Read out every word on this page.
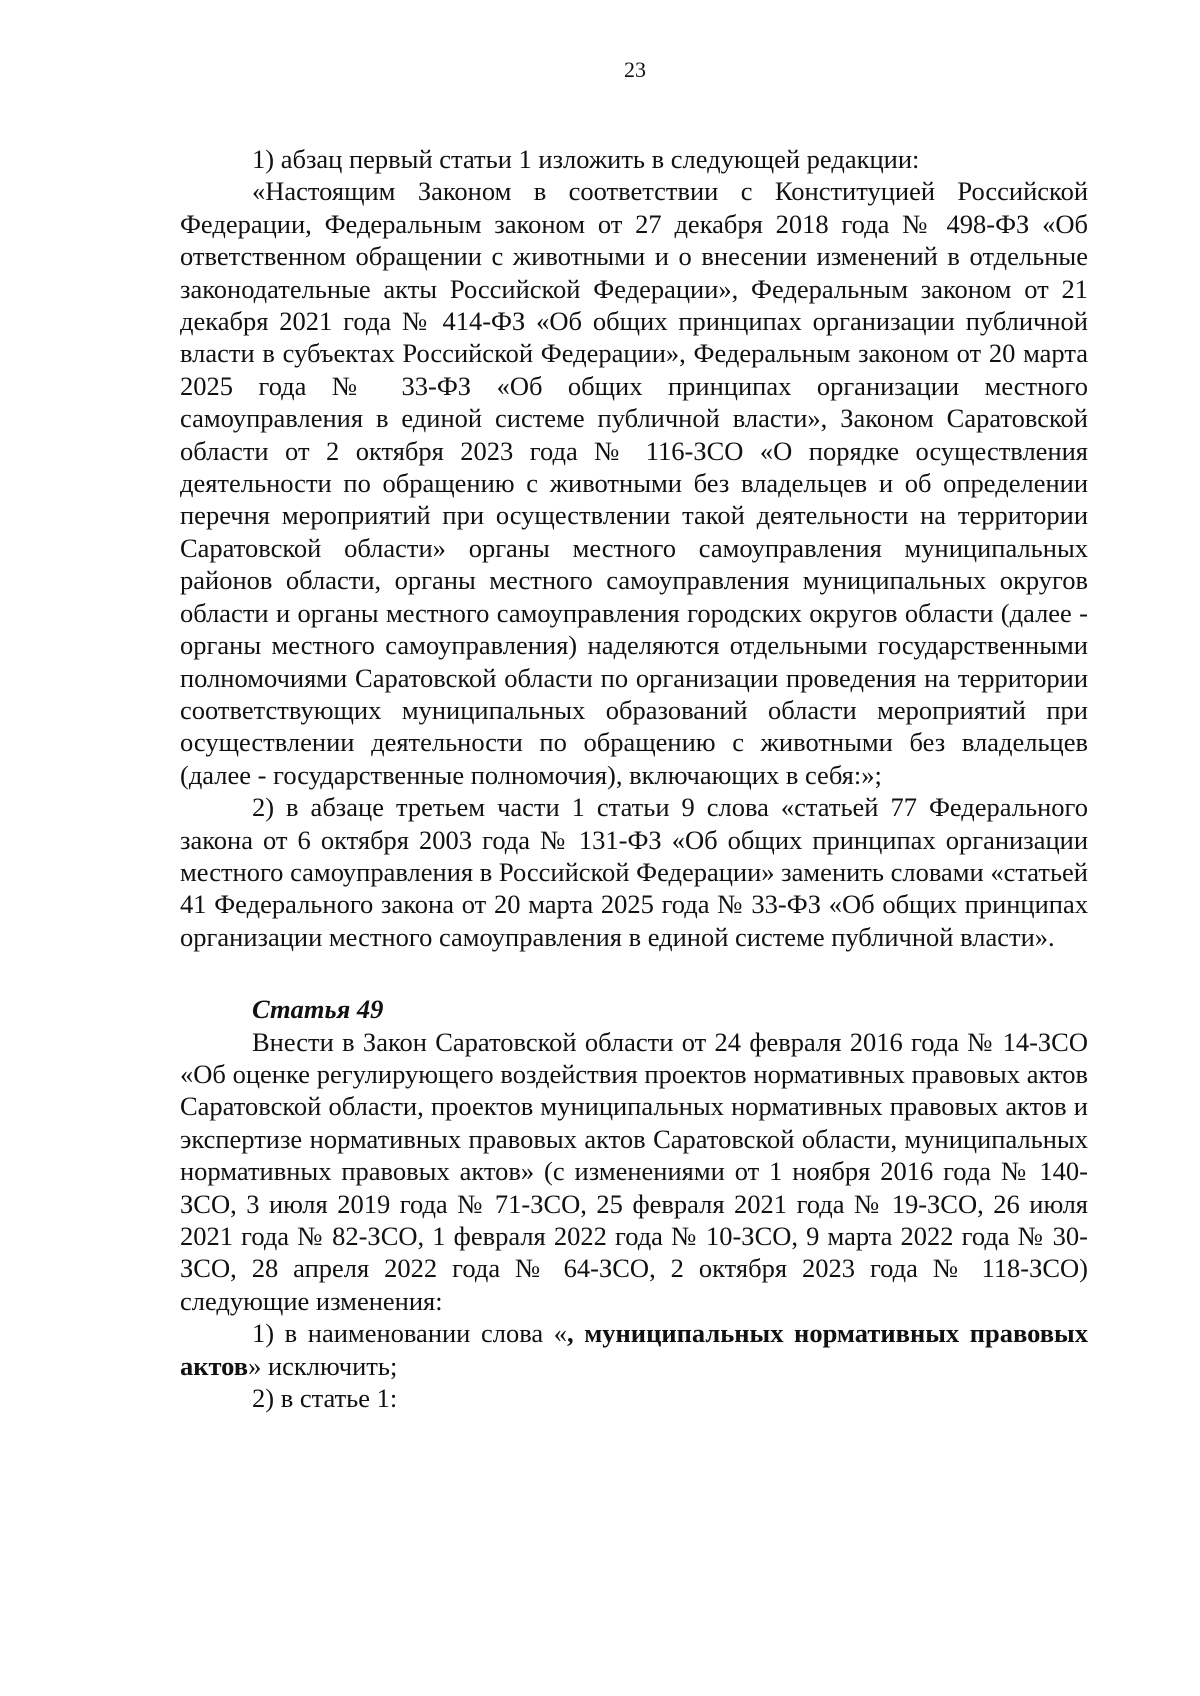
23

1) абзац первый статьи 1 изложить в следующей редакции:

«Настоящим Законом в соответствии с Конституцией Российской Федерации, Федеральным законом от 27 декабря 2018 года № 498-ФЗ «Об ответственном обращении с животными и о внесении изменений в отдельные законодательные акты Российской Федерации», Федеральным законом от 21 декабря 2021 года № 414-ФЗ «Об общих принципах организации публичной власти в субъектах Российской Федерации», Федеральным законом от 20 марта 2025 года № 33-ФЗ «Об общих принципах организации местного самоуправления в единой системе публичной власти», Законом Саратовской области от 2 октября 2023 года № 116-ЗСО «О порядке осуществления деятельности по обращению с животными без владельцев и об определении перечня мероприятий при осуществлении такой деятельности на территории Саратовской области» органы местного самоуправления муниципальных районов области, органы местного самоуправления муниципальных округов области и органы местного самоуправления городских округов области (далее - органы местного самоуправления) наделяются отдельными государственными полномочиями Саратовской области по организации проведения на территории соответствующих муниципальных образований области мероприятий при осуществлении деятельности по обращению с животными без владельцев (далее - государственные полномочия), включающих в себя:»;

2) в абзаце третьем части 1 статьи 9 слова «статьей 77 Федерального закона от 6 октября 2003 года № 131-ФЗ «Об общих принципах организации местного самоуправления в Российской Федерации» заменить словами «статьей 41 Федерального закона от 20 марта 2025 года № 33-ФЗ «Об общих принципах организации местного самоуправления в единой системе публичной власти».

Статья 49

Внести в Закон Саратовской области от 24 февраля 2016 года № 14-ЗСО «Об оценке регулирующего воздействия проектов нормативных правовых актов Саратовской области, проектов муниципальных нормативных правовых актов и экспертизе нормативных правовых актов Саратовской области, муниципальных нормативных правовых актов» (с изменениями от 1 ноября 2016 года № 140-ЗСО, 3 июля 2019 года № 71-ЗСО, 25 февраля 2021 года № 19-ЗСО, 26 июля 2021 года № 82-ЗСО, 1 февраля 2022 года № 10-ЗСО, 9 марта 2022 года № 30-ЗСО, 28 апреля 2022 года № 64-ЗСО, 2 октября 2023 года № 118-ЗСО) следующие изменения:

1) в наименовании слова «, муниципальных нормативных правовых актов» исключить;

2) в статье 1:
